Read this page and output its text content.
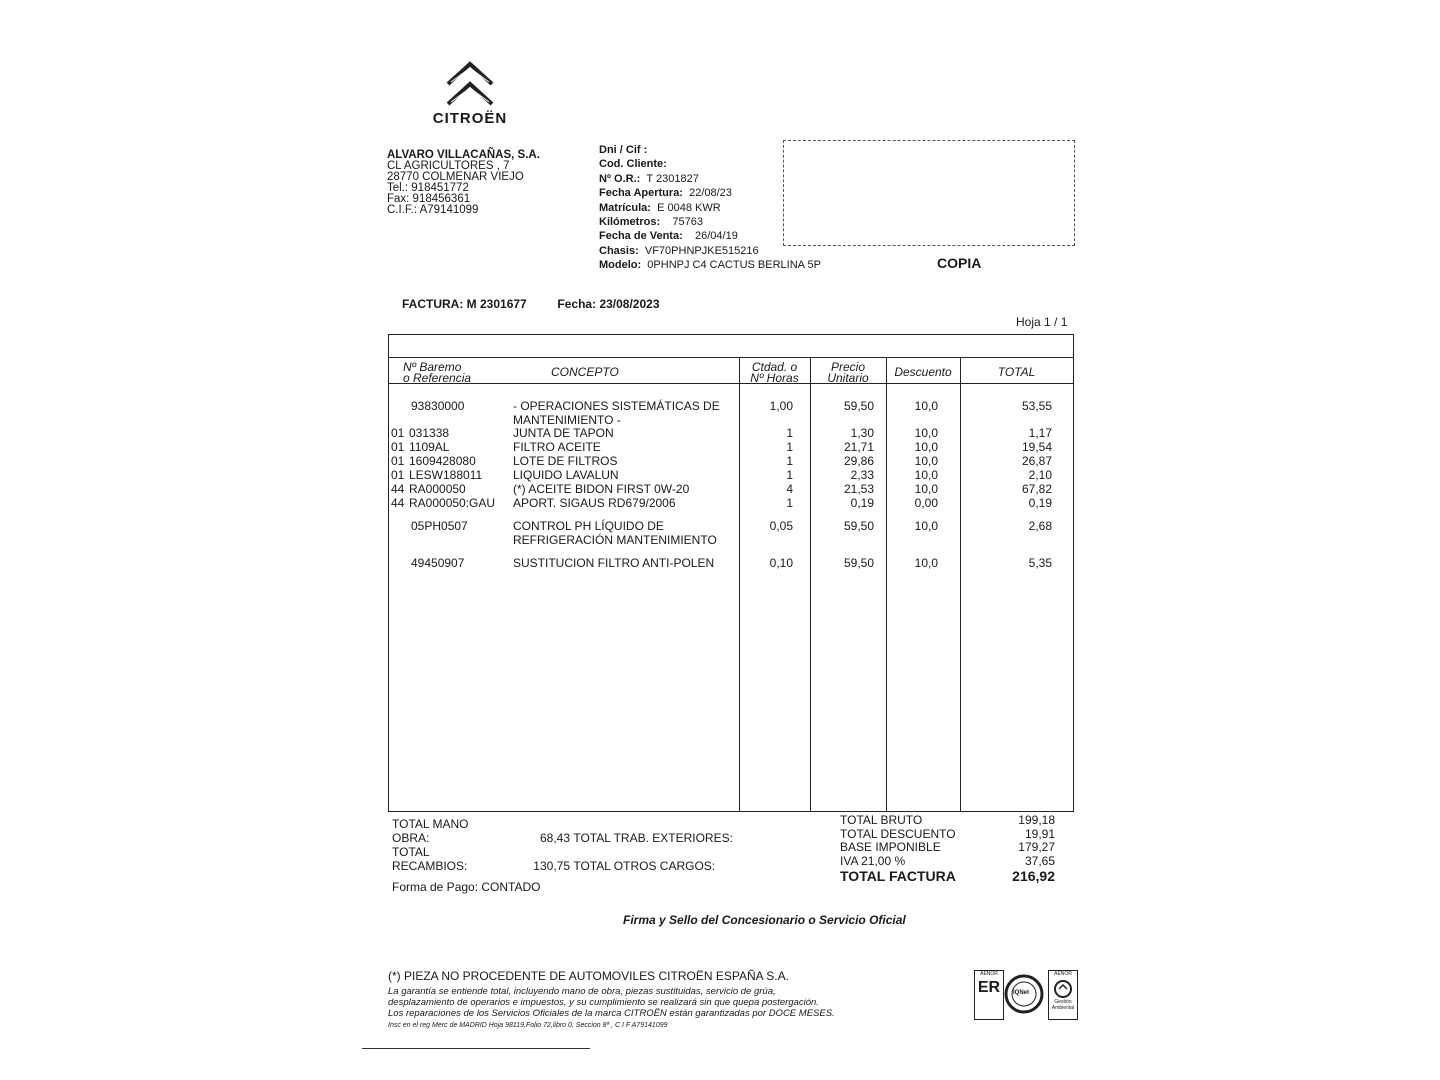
CITROËN
ALVARO VILLACAÑAS, S.A.
CL AGRICULTORES , 7
28770 COLMENAR VIEJO
Tel.: 918451772
Fax: 918456361
C.I.F.: A79141099
Dni / Cif :
Cod. Cliente:
Nº O.R.: T 2301827
Fecha Apertura: 22/08/23
Matrícula: E 0048 KWR
Kilómetros: 75763
Fecha de Venta: 26/04/19
Chasis: VF70PHNPJKE515216
Modelo: 0PHNPJ C4 CACTUS BERLINA 5P	COPIA
FACTURA: M 2301677	Fecha: 23/08/2023
Hoja 1 / 1
Nº Baremo
o Referencia	CONCEPTO	Ctdad. o
Nº Horas
Precio
Unitario	Descuento	TOTAL
93830000	- OPERACIONES SISTEMÁTICAS DE	1,00	59,50	10,0	53,55
MANTENIMIENTO -
01 031338	JUNTA DE TAPON	1	1,30	10,0	1,17
01 1109AL	FILTRO ACEITE	1	21,71	10,0	19,54
01 1609428080	LOTE DE FILTROS	1	29,86	10,0	26,87
01 LESW188011	LIQUIDO LAVALUN	1	2,33	10,0	2,10
44 RA000050	(*) ACEITE BIDON FIRST 0W-20	4	21,53	10,0	67,82
44 RA000050:GAU	APORT. SIGAUS RD679/2006	1	0,19	0,00	0,19
05PH0507	CONTROL PH LÍQUIDO DE	0,05	59,50	10,0	2,68
REFRIGERACIÓN MANTENIMIENTO
49450907	SUSTITUCION FILTRO ANTI-POLEN	0,10	59,50	10,0	5,35
TOTAL MANO OBRA:	68,43 TOTAL TRAB. EXTERIORES:
TOTAL RECAMBIOS:	130,75 TOTAL OTROS CARGOS:
Forma de Pago: CONTADO
TOTAL BRUTO	199,18
TOTAL DESCUENTO	19,91
BASE IMPONIBLE	179,27
IVA 21,00 %	37,65
TOTAL FACTURA	216,92
Firma y Sello del Concesionario o Servicio Oficial
(*) PIEZA NO PROCEDENTE DE AUTOMOVILES CITROËN ESPAÑA S.A.
La garantía se entiende total, incluyendo mano de obra, piezas sustituidas, servicio de grúa,
desplazamiento de operarios e impuestos, y su cumplimiento se realizará sin que quepa postergación.
Los reparaciones de los Servicios Oficiales de la marca CITROËN están garantizadas por DOCE MESES.
Insc en el reg Merc de MADRID Hoja 98119,Folio 72,libro 0, Seccion 8ª , C I F A79141099
AENOR
ER	IQNet
AENOR
Gestión Ambiental
